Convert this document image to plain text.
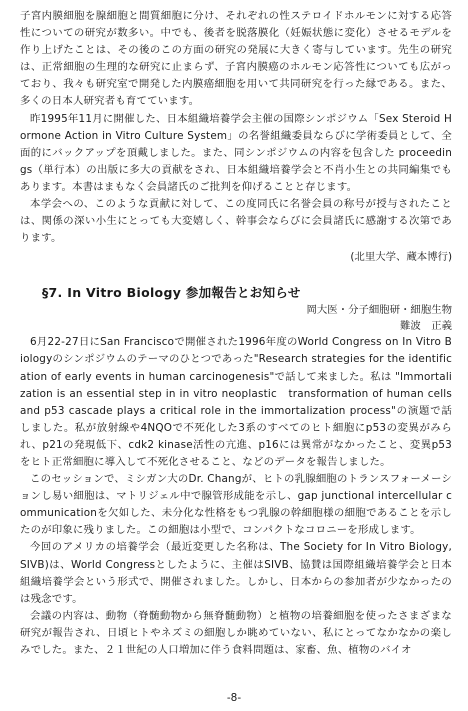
子宮内膜細胞を腺細胞と間質細胞に分け、それぞれの性ステロイドホルモンに対する応答性についての研究が数多い。中でも、後者を脱落膜化（妊娠状態に変化）させるモデルを作り上げたことは、その後のこの方面の研究の発展に大きく寄与しています。先生の研究は、正常細胞の生理的な研究に止まらず、子宮内膜癌のホルモン応答性についても広がっており、我々も研究室で開発した内膜癌細胞を用いて共同研究を行った縁である。また、多くの日本人研究者も育てています。

昨1995年11月に開催した、日本組織培養学会主催の国際シンポジウム「Sex Steroid Hormone Action in Vitro Culture System」の名誉組織委員ならびに学術委員として、全面的にバックアップを頂戴しました。また、同シンポジウムの内容を包含した proceedings（単行本）の出版に多大の貢献をされ、日本組織培養学会と不肖小生との共同編集でもあります。本書はまもなく会員諸氏のご批判を仰げることと存じます。

本学会への、このような貢献に対して、この度同氏に名誉会員の称号が授与されたことは、関係の深い小生にとっても大変嬉しく、幹事会ならびに会員諸氏に感謝する次第であります。

(北里大学、蔵本博行)

§7. In Vitro Biology 参加報告とお知らせ

岡大医・分子細胞研・細胞生物

難波　正義

6月22-27日にSan Franciscoで開催された1996年度のWorld Congress on In Vitro Biologyのシンポジウムのテーマのひとつであった"Research strategies for the identification of early events in human carcinogenesis"で話して来ました。私は "Immortalization is an essential step in in vitro neoplastic   transformation of human cells and p53 cascade plays a critical role in the immortalization process"の演題で話しました。私が放射線や4NQOで不死化した3系のすべてのヒト細胞にp53の変異がみられ、p21の発現低下、cdk2 kinase活性の亢進、p16には異常がなかったこと、変異p53をヒト正常細胞に導入して不死化させること、などのデータを報告しました。

このセッションで、ミシガン大のDr. Changが、ヒトの乳腺細胞のトランスフォーメーションし易い細胞は、マトリジェル中で腺管形成能を示し、gap junctional intercellular communicationを欠如した、未分化な性格をもつ乳腺の幹細胞様の細胞であることを示したのが印象に残りました。この細胞は小型で、コンパクトなコロニーを形成します。

今回のアメリカの培養学会（最近変更した名称は、The Society for In Vitro Biology, SIVB)は、World Congressとしたように、主催はSIVB、協賛は国際組織培養学会と日本組織培養学会という形式で、開催されました。しかし、日本からの参加者が少なかったのは残念です。

会議の内容は、動物（脊髄動物から無脊髄動物）と植物の培養細胞を使ったさまざまな研究が報告され、日頃ヒトやネズミの細胞しか眺めていない、私にとってなかなかの楽しみでした。また、２１世紀の人口増加に伴う食料問題は、家畜、魚、植物のバイオ

-8-
